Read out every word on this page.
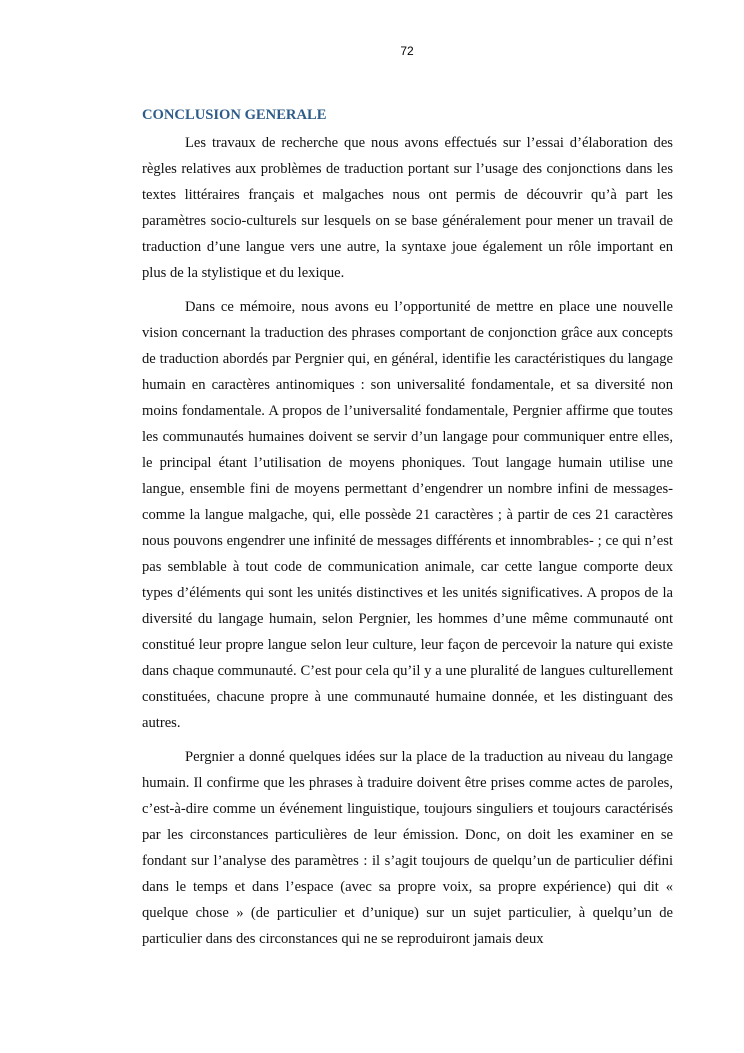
72
CONCLUSION GENERALE

Les travaux de recherche que nous avons effectués sur l’essai d’élaboration des règles relatives aux problèmes de traduction portant sur l’usage des conjonctions dans les textes littéraires français et malgaches nous ont permis de découvrir qu’à part les paramètres socio-culturels sur lesquels on se base généralement pour mener un travail de traduction d’une langue vers une autre, la syntaxe joue également un rôle important en plus de la stylistique et du lexique.

Dans ce mémoire, nous avons eu l’opportunité de mettre en place une nouvelle vision concernant la traduction des phrases comportant de conjonction grâce aux concepts de traduction abordés par Pergnier qui, en général, identifie les caractéristiques du langage humain en caractères antinomiques : son universalité fondamentale, et sa diversité non moins fondamentale. A propos de l’universalité fondamentale, Pergnier affirme que toutes les communautés humaines doivent se servir d’un langage pour communiquer entre elles, le principal étant l’utilisation de moyens phoniques. Tout langage humain utilise une langue, ensemble fini de moyens permettant d’engendrer un nombre infini de messages- comme la langue malgache, qui, elle possède 21 caractères ; à partir de ces 21 caractères nous pouvons engendrer une infinité de messages différents et innombrables- ; ce qui n’est pas semblable à tout code de communication animale, car cette langue comporte deux types d’éléments qui sont les unités distinctives et les unités significatives. A propos de la diversité du langage humain, selon Pergnier, les hommes d’une même communauté ont constitué leur propre langue selon leur culture, leur façon de percevoir la nature qui existe dans chaque communauté. C’est pour cela qu’il y a une pluralité de langues culturellement constituées, chacune propre à une communauté humaine donnée, et les distinguant des autres.

Pergnier a donné quelques idées sur la place de la traduction au niveau du langage humain. Il confirme que les phrases à traduire doivent être prises comme actes de paroles, c’est-à-dire comme un événement linguistique, toujours singuliers et toujours caractérisés par les circonstances particulières de leur émission. Donc, on doit les examiner en se fondant sur l’analyse des paramètres : il s’agit toujours de quelqu’un de particulier défini dans le temps et dans l’espace (avec sa propre voix, sa propre expérience) qui dit « quelque chose » (de particulier et d’unique) sur un sujet particulier, à quelqu’un de particulier dans des circonstances qui ne se reproduiront jamais deux
